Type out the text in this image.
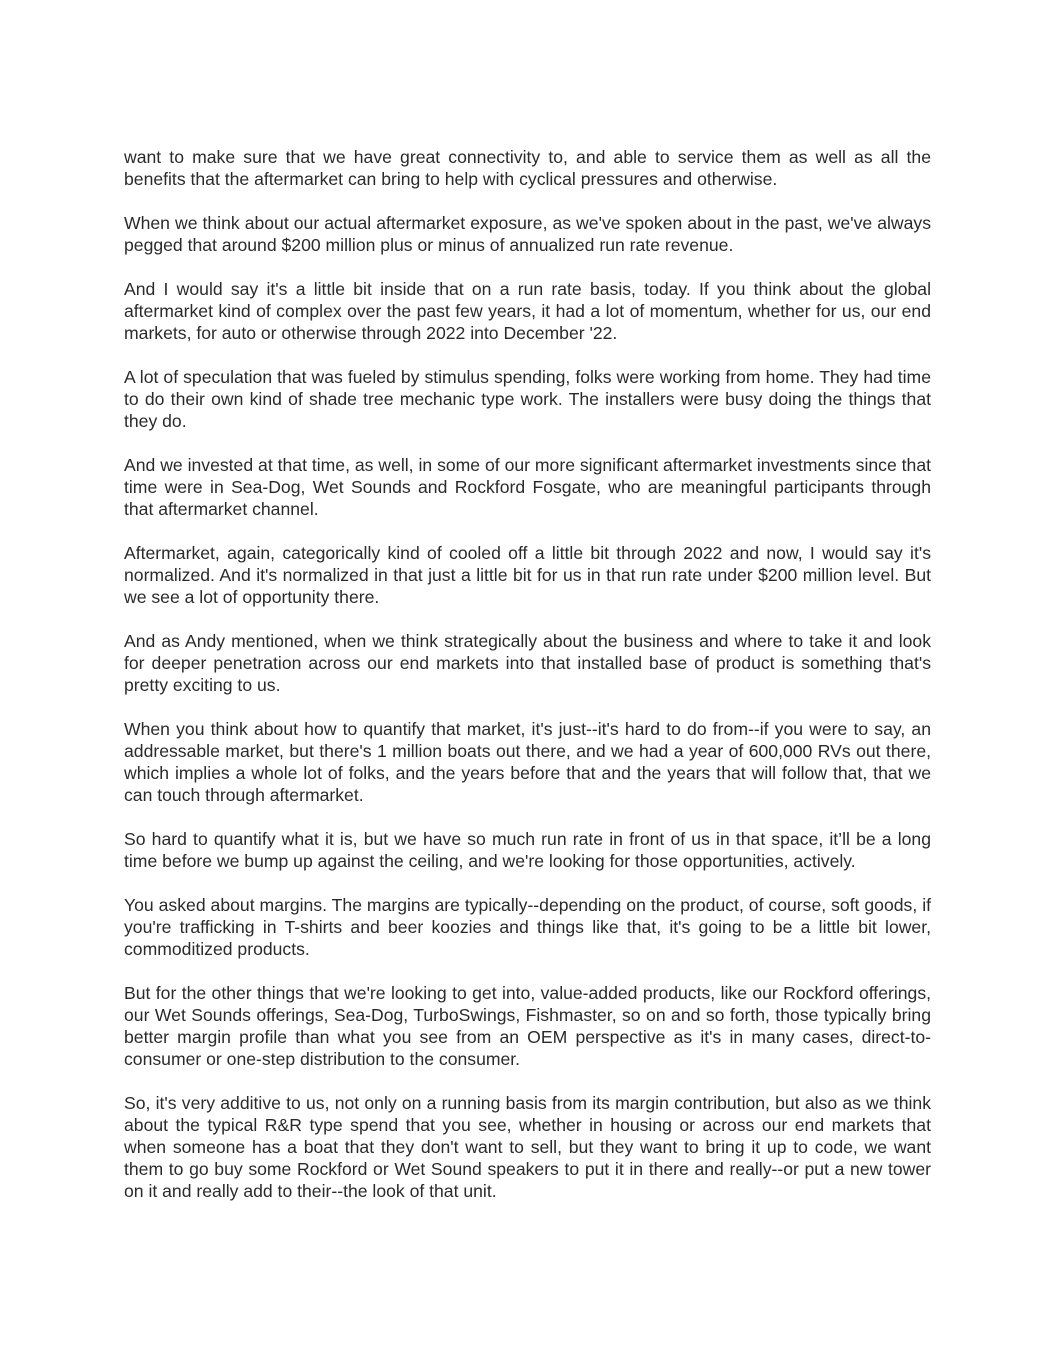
want to make sure that we have great connectivity to, and able to service them as well as all the benefits that the aftermarket can bring to help with cyclical pressures and otherwise.

When we think about our actual aftermarket exposure, as we've spoken about in the past, we've always pegged that around $200 million plus or minus of annualized run rate revenue.

And I would say it's a little bit inside that on a run rate basis, today. If you think about the global aftermarket kind of complex over the past few years, it had a lot of momentum, whether for us, our end markets, for auto or otherwise through 2022 into December '22.

A lot of speculation that was fueled by stimulus spending, folks were working from home. They had time to do their own kind of shade tree mechanic type work. The installers were busy doing the things that they do.

And we invested at that time, as well, in some of our more significant aftermarket investments since that time were in Sea-Dog, Wet Sounds and Rockford Fosgate, who are meaningful participants through that aftermarket channel.

Aftermarket, again, categorically kind of cooled off a little bit through 2022 and now, I would say it's normalized. And it's normalized in that just a little bit for us in that run rate under $200 million level. But we see a lot of opportunity there.

And as Andy mentioned, when we think strategically about the business and where to take it and look for deeper penetration across our end markets into that installed base of product is something that's pretty exciting to us.

When you think about how to quantify that market, it's just--it's hard to do from--if you were to say, an addressable market, but there's 1 million boats out there, and we had a year of 600,000 RVs out there, which implies a whole lot of folks, and the years before that and the years that will follow that, that we can touch through aftermarket.

So hard to quantify what it is, but we have so much run rate in front of us in that space, it’ll be a long time before we bump up against the ceiling, and we're looking for those opportunities, actively.

You asked about margins. The margins are typically--depending on the product, of course, soft goods, if you're trafficking in T-shirts and beer koozies and things like that, it's going to be a little bit lower, commoditized products.

But for the other things that we're looking to get into, value-added products, like our Rockford offerings, our Wet Sounds offerings, Sea-Dog, TurboSwings, Fishmaster, so on and so forth, those typically bring better margin profile than what you see from an OEM perspective as it's in many cases, direct-to-consumer or one-step distribution to the consumer.

So, it's very additive to us, not only on a running basis from its margin contribution, but also as we think about the typical R&R type spend that you see, whether in housing or across our end markets that when someone has a boat that they don't want to sell, but they want to bring it up to code, we want them to go buy some Rockford or Wet Sound speakers to put it in there and really--or put a new tower on it and really add to their--the look of that unit.
